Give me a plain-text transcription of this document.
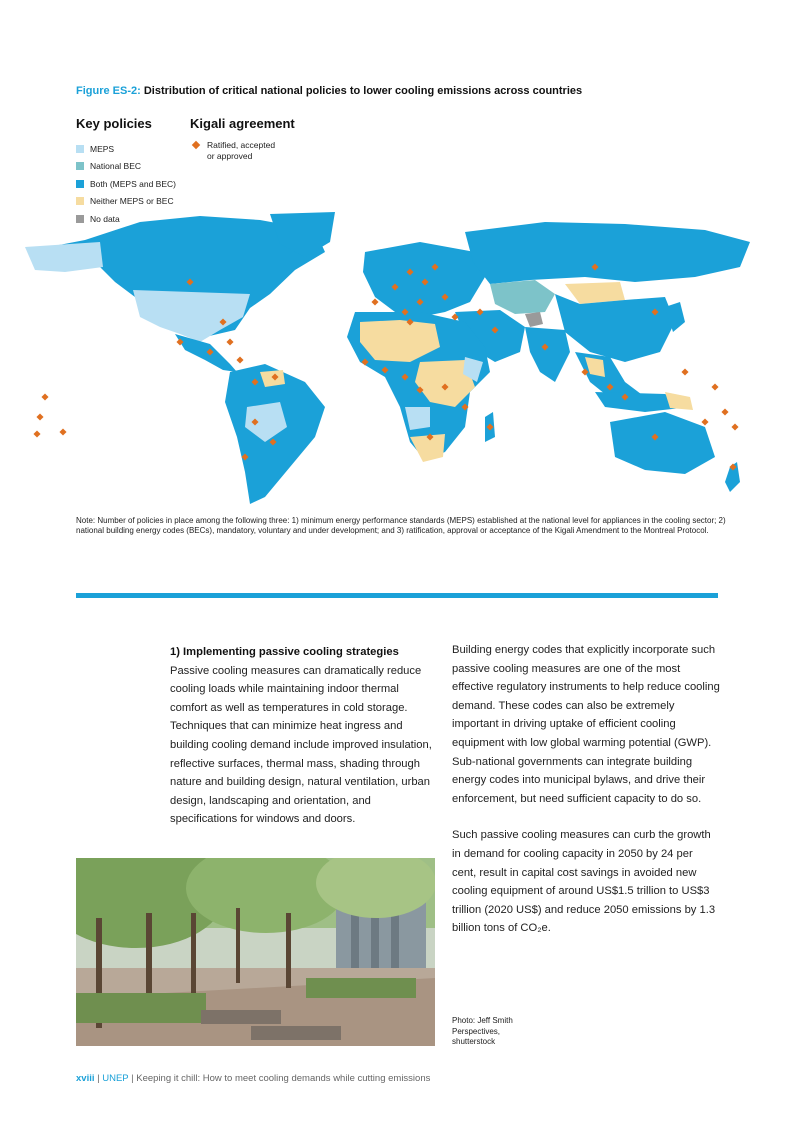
Figure ES-2: Distribution of critical national policies to lower cooling emissions across countries
Key policies	Kigali agreement
MEPS
National BEC
Both (MEPS and BEC)
Neither MEPS or BEC
No data
Ratified, accepted
or approved
Note: Number of policies in place among the following three: 1) minimum energy performance standards (MEPS) established at the national level for appliances in the cooling sector; 2) national building energy codes (BECs), mandatory, voluntary and under development; and 3) ratification, approval or acceptance of the Kigali Amendment to the Montreal Protocol.
1) Implementing passive cooling strategies
Passive cooling measures can dramatically reduce cooling loads while maintaining indoor thermal comfort as well as temperatures in cold storage. Techniques that can minimize heat ingress and building cooling demand include improved insulation, reflective surfaces, thermal mass, shading through nature and building design, natural ventilation, urban design, landscaping and orientation, and specifications for windows and doors.

Building energy codes that explicitly incorporate such passive cooling measures are one of the most effective regulatory instruments to help reduce cooling demand. These codes can also be extremely important in driving uptake of efficient cooling equipment with low global warming potential (GWP). Sub-national governments can integrate building energy codes into municipal bylaws, and drive their enforcement, but need sufficient capacity to do so.

Such passive cooling measures can curb the growth in demand for cooling capacity in 2050 by 24 per cent, result in capital cost savings in avoided new cooling equipment of around US$1.5 trillion to US$3 trillion (2020 US$) and reduce 2050 emissions by 1.3 billion tons of CO₂e.

Photo: Jeff Smith
Perspectives,
shutterstock
xviii | UNEP | Keeping it chill: How to meet cooling demands while cutting emissions
